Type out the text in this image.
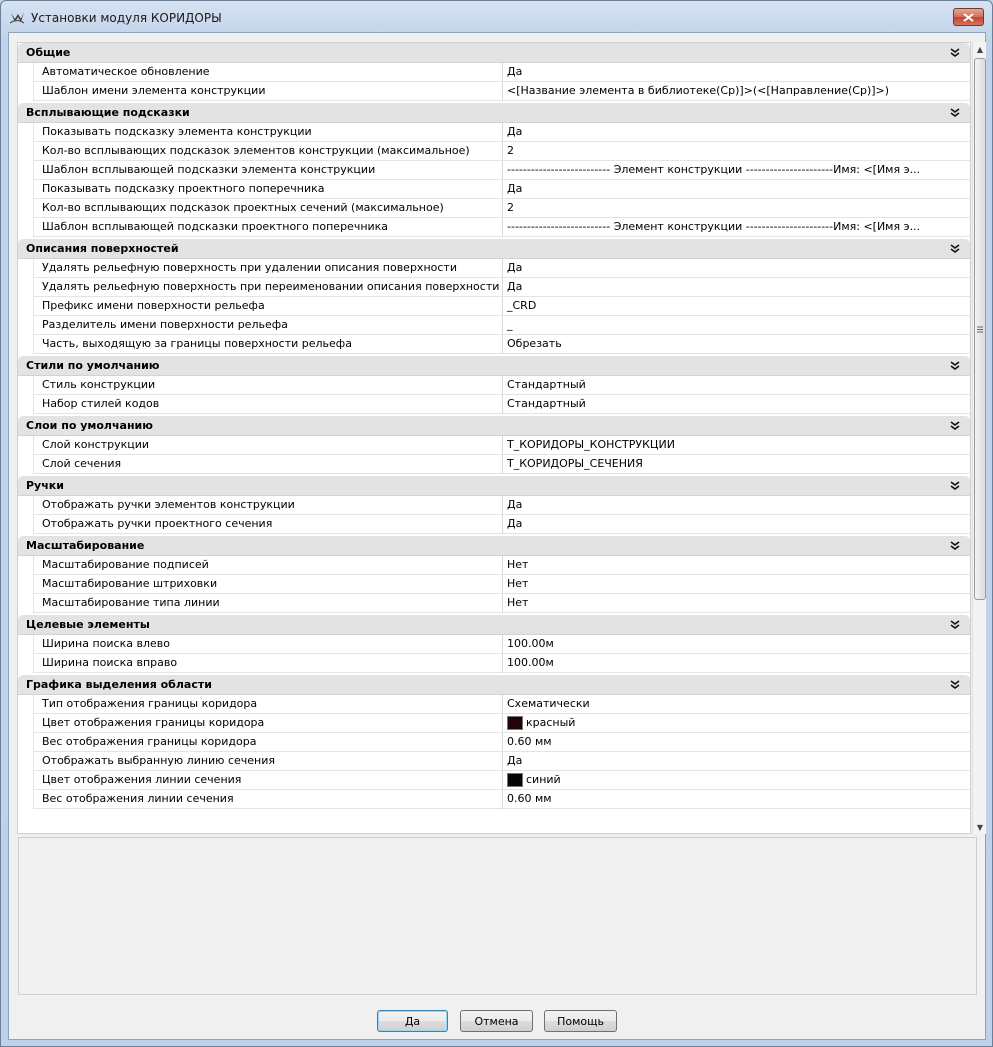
Установки модуля КОРИДОРЫ
Общие
Автоматическое обновление	Да
Шаблон имени элемента конструкции	<[Название элемента в библиотеке(Ср)]>(<[Направление(Ср)]>)
Всплывающие подсказки
Показывать подсказку элемента конструкции	Да
Кол-во всплывающих подсказок элементов конструкции (максимальное)	2
Шаблон всплывающей подсказки элемента конструкции	-------------------------- Элемент конструкции ----------------------Имя: <[Имя э...
Показывать подсказку проектного поперечника	Да
Кол-во всплывающих подсказок проектных сечений (максимальное)	2
Шаблон всплывающей подсказки проектного поперечника	-------------------------- Элемент конструкции ----------------------Имя: <[Имя э...
Описания поверхностей
Удалять рельефную поверхность при удалении описания поверхности	Да
Удалять рельефную поверхность при переименовании описания поверхности Да
Префикс имени поверхности рельефа	_CRD
Разделитель имени поверхности рельефа	_
Часть, выходящую за границы поверхности рельефа	Обрезать
Стили по умолчанию
Стиль конструкции	Стандартный
Набор стилей кодов	Стандартный
Слои по умолчанию
Слой конструкции	T_КОРИДОРЫ_КОНСТРУКЦИИ
Слой сечения	T_КОРИДОРЫ_СЕЧЕНИЯ
Ручки
Отображать ручки элементов конструкции	Да
Отображать ручки проектного сечения	Да
Масштабирование
Масштабирование подписей	Нет
Масштабирование штриховки	Нет
Масштабирование типа линии	Нет
Целевые элементы
Ширина поиска влево	100.00м
Ширина поиска вправо	100.00м
Графика выделения области
Тип отображения границы коридора	Схематически
Цвет отображения границы коридора	красный
Вес отображения границы коридора	0.60 мм
Отображать выбранную линию сечения	Да
Цвет отображения линии сечения	синий
Вес отображения линии сечения	0.60 мм
▲
▼
Да	Отмена	Помощь
